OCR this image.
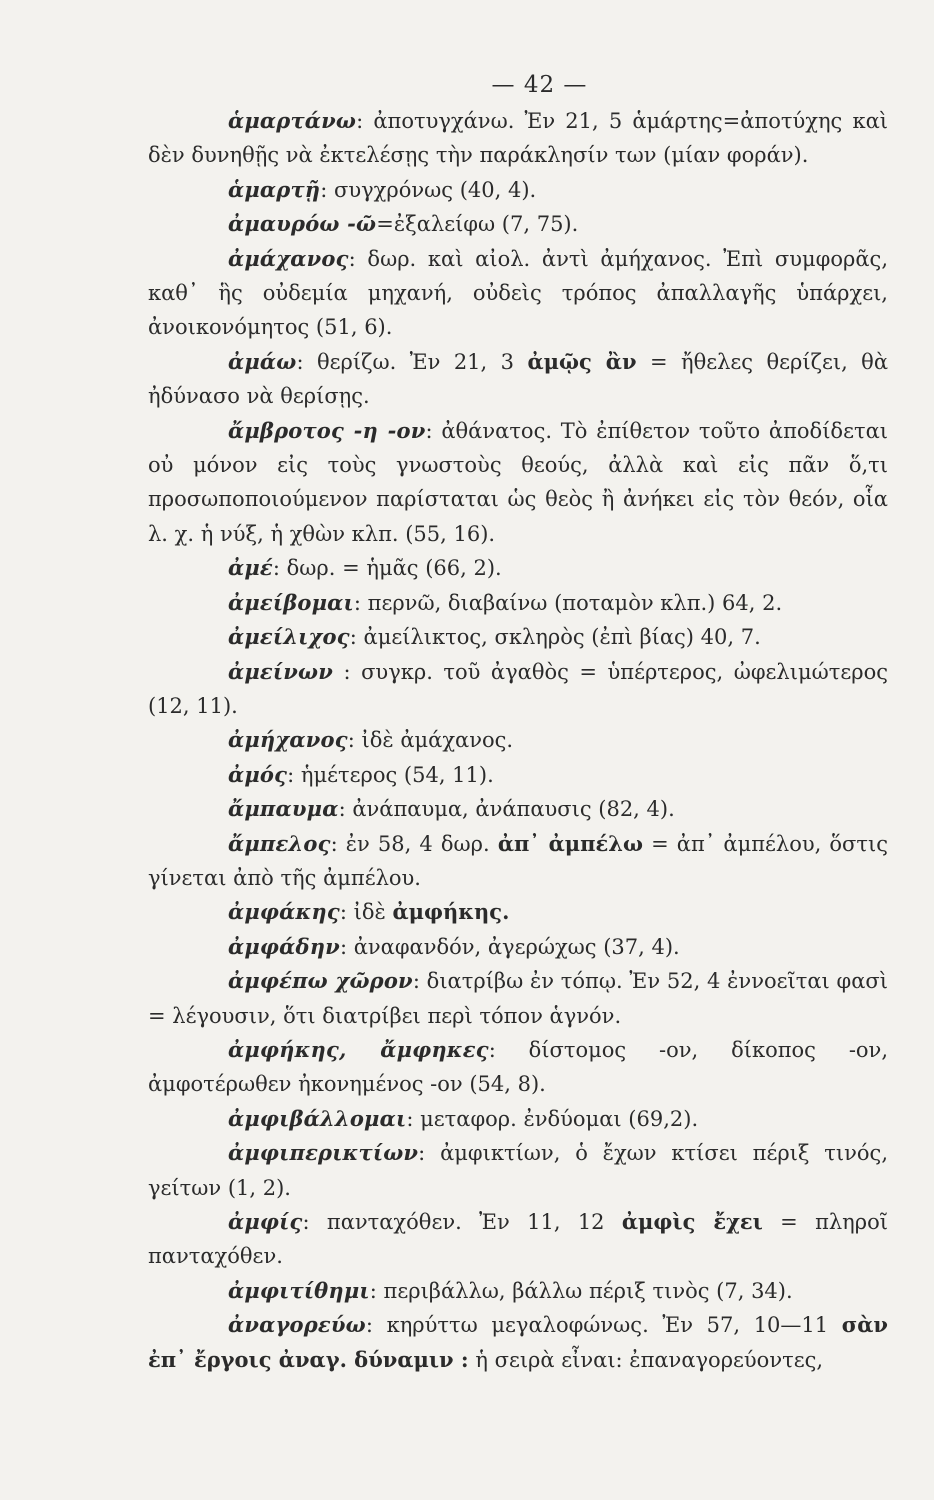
— 42 —

ἁμαρτάνω: ἀποτυγχάνω. Ἐν 21, 5 ἁμάρτης=ἀποτύχης καὶ δὲν δυνηθῇς νὰ ἐκτελέσῃς τὴν παράκλησίν των (μίαν φοράν).

ἁμαρτῇ: συγχρόνως (40, 4).

ἀμαυρόω -ῶ=ἐξαλείφω (7, 75).

ἀμάχανος: δωρ. καὶ αἰολ. ἀντὶ ἀμήχανος. Ἐπὶ συμφορᾶς, καθ᾽ ἣς οὐδεμία μηχανή, οὐδεὶς τρόπος ἀπαλλαγῆς ὑπάρχει, ἀνοικονόμητος (51, 6).

ἀμάω: θερίζω. Ἐν 21, 3 ἀμῷς ἂν = ἤθελες θερίζει, θὰ ἠδύνασο νὰ θερίσῃς.

ἄμβροτος -η -ον: ἀθάνατος. Τὸ ἐπίθετον τοῦτο ἀποδίδεται οὐ μόνον εἰς τοὺς γνωστοὺς θεούς, ἀλλὰ καὶ εἰς πᾶν ὅ,τι προσωποποιούμενον παρίσταται ὡς θεὸς ἢ ἀνήκει εἰς τὸν θεόν, οἷα λ. χ. ἡ νύξ, ἡ χθὼν κλπ. (55, 16).

ἀμέ: δωρ. = ἡμᾶς (66, 2).

ἀμείβομαι: περνῶ, διαβαίνω (ποταμὸν κλπ.) 64, 2.

ἀμείλιχος: ἀμείλικτος, σκληρὸς (ἐπὶ βίας) 40, 7.

ἀμείνων : συγκρ. τοῦ ἀγαθὸς = ὑπέρτερος, ὠφελιμώτερος (12, 11).

ἀμήχανος: ἰδὲ ἀμάχανος.

ἀμός: ἡμέτερος (54, 11).

ἄμπαυμα: ἀνάπαυμα, ἀνάπαυσις (82, 4).

ἄμπελος: ἐν 58, 4 δωρ. ἀπ᾽ ἀμπέλω = ἀπ᾽ ἀμπέλου, ὅστις γίνεται ἀπὸ τῆς ἀμπέλου.

ἀμφάκης: ἰδὲ ἀμφήκης.

ἀμφάδην: ἀναφανδόν, ἀγερώχως (37, 4).

ἀμφέπω χῶρον: διατρίβω ἐν τόπῳ. Ἐν 52, 4 ἐννοεῖται φασὶ = λέγουσιν, ὅτι διατρίβει περὶ τόπον ἁγνόν.

ἀμφήκης, ἄμφηκες: δίστομος -ον, δίκοπος -ον, ἀμφοτέρωθεν ἠκονημένος -ον (54, 8).

ἀμφιβάλλομαι: μεταφορ. ἐνδύομαι (69,2).

ἀμφιπερικτίων: ἀμφικτίων, ὁ ἔχων κτίσει πέριξ τινός, γείτων (1, 2).

ἀμφίς: πανταχόθεν. Ἐν 11, 12 ἀμφὶς ἔχει = πληροῖ πανταχόθεν.

ἀμφιτίθημι: περιβάλλω, βάλλω πέριξ τινὸς (7, 34).

ἀναγορεύω: κηρύττω μεγαλοφώνως. Ἐν 57, 10—11 σὰν ἐπ᾽ ἔργοις ἀναγ. δύναμιν : ἡ σειρὰ εἶναι: ἐπαναγορεύοντες,
